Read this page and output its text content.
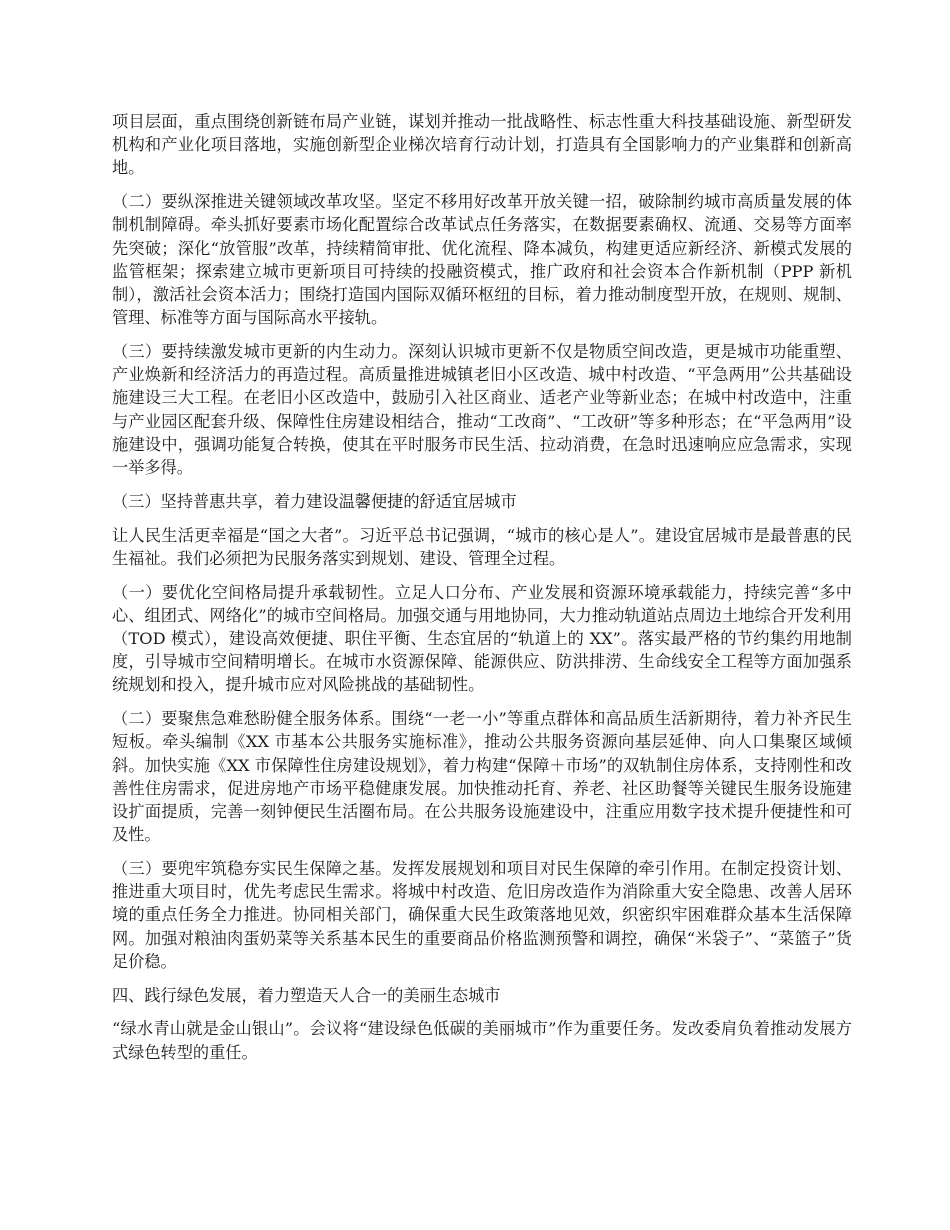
项目层面，重点围绕创新链布局产业链，谋划并推动一批战略性、标志性重大科技基础设施、新型研发机构和产业化项目落地，实施创新型企业梯次培育行动计划，打造具有全国影响力的产业集群和创新高地。

（二）要纵深推进关键领域改革攻坚。坚定不移用好改革开放关键一招，破除制约城市高质量发展的体制机制障碍。牵头抓好要素市场化配置综合改革试点任务落实，在数据要素确权、流通、交易等方面率先突破；深化“放管服”改革，持续精简审批、优化流程、降本减负，构建更适应新经济、新模式发展的监管框架；探索建立城市更新项目可持续的投融资模式，推广政府和社会资本合作新机制（PPP 新机制），激活社会资本活力；围绕打造国内国际双循环枢纽的目标，着力推动制度型开放，在规则、规制、管理、标准等方面与国际高水平接轨。

（三）要持续激发城市更新的内生动力。深刻认识城市更新不仅是物质空间改造，更是城市功能重塑、产业焕新和经济活力的再造过程。高质量推进城镇老旧小区改造、城中村改造、“平急两用”公共基础设施建设三大工程。在老旧小区改造中，鼓励引入社区商业、适老产业等新业态；在城中村改造中，注重与产业园区配套升级、保障性住房建设相结合，推动“工改商”、“工改研”等多种形态；在“平急两用”设施建设中，强调功能复合转换，使其在平时服务市民生活、拉动消费，在急时迅速响应应急需求，实现一举多得。

（三）坚持普惠共享，着力建设温馨便捷的舒适宜居城市

让人民生活更幸福是“国之大者”。习近平总书记强调，“城市的核心是人”。建设宜居城市是最普惠的民生福祉。我们必须把为民服务落实到规划、建设、管理全过程。

（一）要优化空间格局提升承载韧性。立足人口分布、产业发展和资源环境承载能力，持续完善“多中心、组团式、网络化”的城市空间格局。加强交通与用地协同，大力推动轨道站点周边土地综合开发利用（TOD 模式），建设高效便捷、职住平衡、生态宜居的“轨道上的 XX”。落实最严格的节约集约用地制度，引导城市空间精明增长。在城市水资源保障、能源供应、防洪排涝、生命线安全工程等方面加强系统规划和投入，提升城市应对风险挑战的基础韧性。

（二）要聚焦急难愁盼健全服务体系。围绕“一老一小”等重点群体和高品质生活新期待，着力补齐民生短板。牵头编制《XX 市基本公共服务实施标准》，推动公共服务资源向基层延伸、向人口集聚区域倾斜。加快实施《XX 市保障性住房建设规划》，着力构建“保障＋市场”的双轨制住房体系，支持刚性和改善性住房需求，促进房地产市场平稳健康发展。加快推动托育、养老、社区助餐等关键民生服务设施建设扩面提质，完善一刻钟便民生活圈布局。在公共服务设施建设中，注重应用数字技术提升便捷性和可及性。

（三）要兜牢筑稳夯实民生保障之基。发挥发展规划和项目对民生保障的牵引作用。在制定投资计划、推进重大项目时，优先考虑民生需求。将城中村改造、危旧房改造作为消除重大安全隐患、改善人居环境的重点任务全力推进。协同相关部门，确保重大民生政策落地见效，织密织牢困难群众基本生活保障网。加强对粮油肉蛋奶菜等关系基本民生的重要商品价格监测预警和调控，确保“米袋子”、“菜篮子”货足价稳。

四、践行绿色发展，着力塑造天人合一的美丽生态城市

“绿水青山就是金山银山”。会议将“建设绿色低碳的美丽城市”作为重要任务。发改委肩负着推动发展方式绿色转型的重任。
